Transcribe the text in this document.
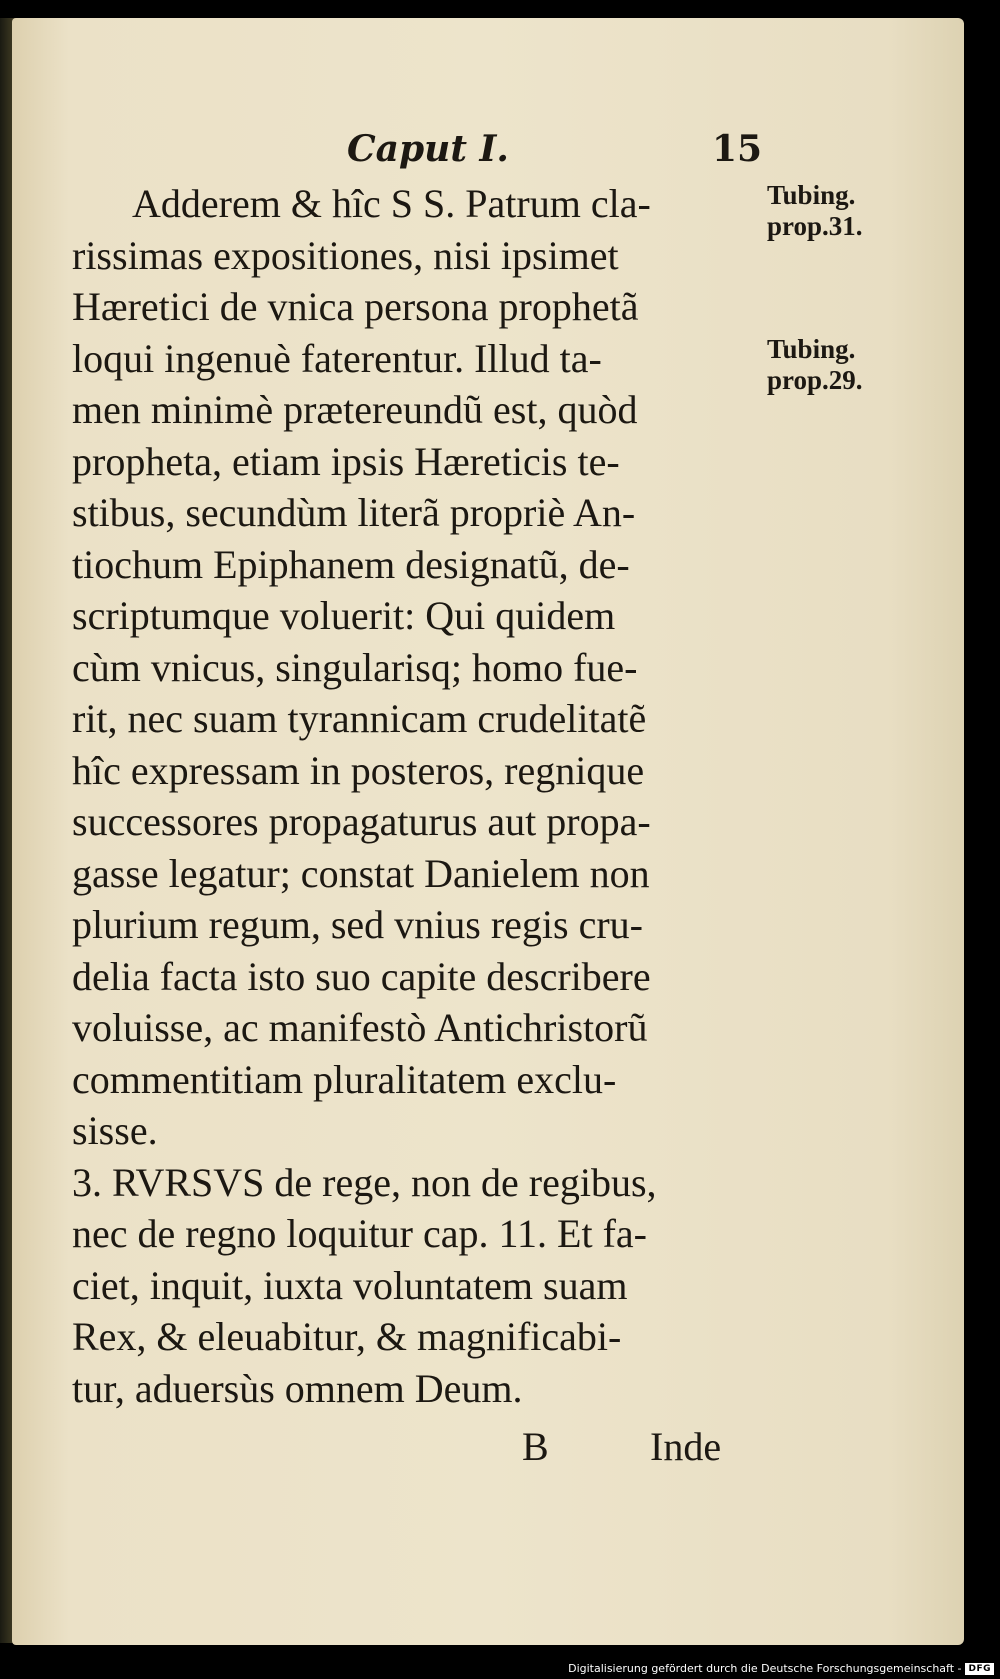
Caput I.	15
Adderem & hîc S S. Patrum cla-
rissimas expositiones, nisi ipsimet
Hæretici de vnica persona prophetã
loqui ingenuè faterentur. Illud ta-
men minimè prætereundũ est, quòd
propheta, etiam ipsis Hæreticis te-
stibus, secundùm literã propriè An-
tiochum Epiphanem designatũ, de-
scriptumque voluerit: Qui quidem
cùm vnicus, singularisq; homo fue-
rit, nec suam tyrannicam crudelitatẽ
hîc expressam in posteros, regnique
successores propagaturus aut propa-
gasse legatur; constat Danielem non
plurium regum, sed vnius regis cru-
delia facta isto suo capite describere
voluisse, ac manifestò Antichristorũ
commentitiam pluralitatem exclu-
sisse.
3. RVRSVS de rege, non de regibus,
nec de regno loquitur cap. 11. Et fa-
ciet, inquit, iuxta voluntatem suam
Rex, & eleuabitur, & magnificabi-
tur, aduersùs omnem Deum.
Tubing.
prop.31.
Tubing.
prop.29.
B	Inde
Digitalisierung gefördert durch die Deutsche Forschungsgemeinschaft - DFG
